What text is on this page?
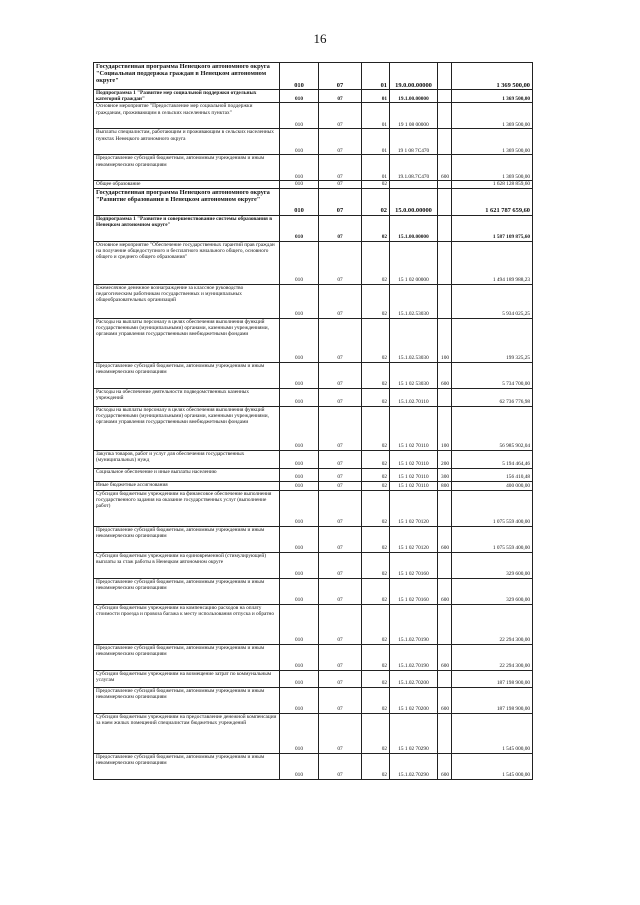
16
Государственная программа Ненецкого автономного округа "Социальная поддержка граждан в Ненецком автономном округе"	010	07	01	19.0.00.00000		1 369 500,00
Подпрограмма 1 "Развитие мер социальной поддержки отдельных категорий граждан"	010	07	01	19.1.00.00000		1 369 500,00
Основное мероприятие "Предоставление мер социальной поддержки гражданам, проживающим в сельских населенных пунктах"	010	07	01	19 1 08 00000		1 369 500,00
Выплаты специалистам, работающим и проживающим в сельских населенных пунктах Ненецкого автономного округа	010	07	01	19 1 08 7C470		1 369 500,00
Предоставление субсидий бюджетным, автономным учреждениям и иным некоммерческим организациям	010	07	01	19.1.08.7C470	600	1 369 500,00
Общее образование	010	07	02			1 628 128 859,60
Государственная программа Ненецкого автономного округа "Развитие образования в Ненецком автономном округе"	010	07	02	15.0.00.00000		1 621 787 659,60
Подпрограмма 1 "Развитие и совершенствование системы образования в Ненецком автономном округе"	010	07	02	15.1.00.00000		1 587 109 875,60
Основное мероприятие "Обеспечение государственных гарантий прав граждан на получение общедоступного и бесплатного начального общего, основного общего и среднего общего образования"	010	07	02	15 1 02 00000		1 494 189 988,23
Ежемесячное денежное вознаграждение за классное руководство педагогическим работникам государственных и муниципальных общеобразовательных организаций	010	07	02	15.1.02.53030		5 934 025,25
Расходы на выплаты персоналу в целях обеспечения выполнения функций государственными (муниципальными) органами, казенными учреждениями, органами управления государственными внебюджетными фондами	010	07	02	15.1.02.53030	100	199 325,25
Предоставление субсидий бюджетным, автономным учреждениям и иным некоммерческим организациям	010	07	02	15 1 02 53030	600	5 734 700,00
Расходы на обеспечение деятельности подведомственных казенных учреждений	010	07	02	15.1.02.70110		62 736 776,98
Расходы на выплаты персоналу в целях обеспечения выполнения функций государственными (муниципальными) органами, казенными учреждениями, органами управления государственными внебюджетными фондами	010	07	02	15 1 02 70110	100	56 985 902,04
Закупка товаров, работ и услуг для обеспечения государственных (муниципальных) нужд	010	07	02	15 1 02 70110	200	5 194 464,46
Социальное обеспечение и иные выплаты населению	010	07	02	15 1 02 70110	300	156 410,48
Иные бюджетные ассигнования	010	07	02	15 1 02 70110	800	400 000,00
Субсидии бюджетным учреждениям на финансовое обеспечение выполнения государственного задания на оказание государственных услуг (выполнение работ)	010	07	02	15 1 02 70120		1 075 559 400,00
Предоставление субсидий бюджетным, автономным учреждениям и иным некоммерческим организациям	010	07	02	15 1 02 70120	600	1 075 559 400,00
Субсидии бюджетным учреждениям на единовременной (стимулирующей) выплаты за стаж работы в Ненецком автономном округе	010	07	02	15 1 02 70160		329 600,00
Предоставление субсидий бюджетным, автономным учреждениям и иным некоммерческим организациям	010	07	02	15 1 02 70160	600	329 600,00
Субсидии бюджетным учреждениям на компенсацию расходов на оплату стоимости проезда и провоза багажа к месту использования отпуска и обратно	010	07	02	15.1.02.70190		22 294 300,00
Предоставление субсидий бюджетным, автономным учреждениям и иным некоммерческим организациям	010	07	02	15.1.02.70190	600	22 294 300,00
Субсидии бюджетным учреждениям на возмещение затрат по коммунальным услугам	010	07	02	15.1.02.70200		187 198 900,00
Предоставление субсидий бюджетным, автономным учреждениям и иным некоммерческим организациям	010	07	02	15 1 02 70200	600	187 198 900,00
Субсидии бюджетным учреждениям на предоставление денежной компенсации за наем жилых помещений специалистам бюджетных учреждений	010	07	02	15 1 02 70290		1 545 000,00
Предоставление субсидий бюджетным, автономным учреждениям и иным некоммерческим организациям	010	07	02	15.1.02.70290	600	1 545 000,00
